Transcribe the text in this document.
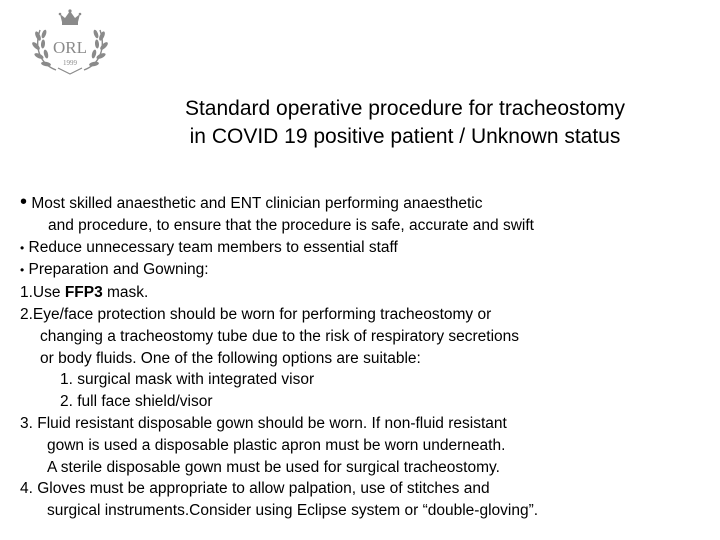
ORL
1999
Standard operative procedure for tracheostomy
in COVID 19 positive patient / Unknown status
• Most skilled anaesthetic and ENT clinician performing anaesthetic
and procedure, to ensure that the procedure is safe, accurate and swift
• Reduce unnecessary team members to essential staff
• Preparation and Gowning:
1.Use FFP3 mask.
2.Eye/face protection should be worn for performing tracheostomy or
changing a tracheostomy tube due to the risk of respiratory secretions
or body fluids. One of the following options are suitable:
1. surgical mask with integrated visor
2. full face shield/visor
3. Fluid resistant disposable gown should be worn. If non-fluid resistant
gown is used a disposable plastic apron must be worn underneath.
A sterile disposable gown must be used for surgical tracheostomy.
4. Gloves must be appropriate to allow palpation, use of stitches and
surgical instruments.Consider using Eclipse system or “double-gloving”.
